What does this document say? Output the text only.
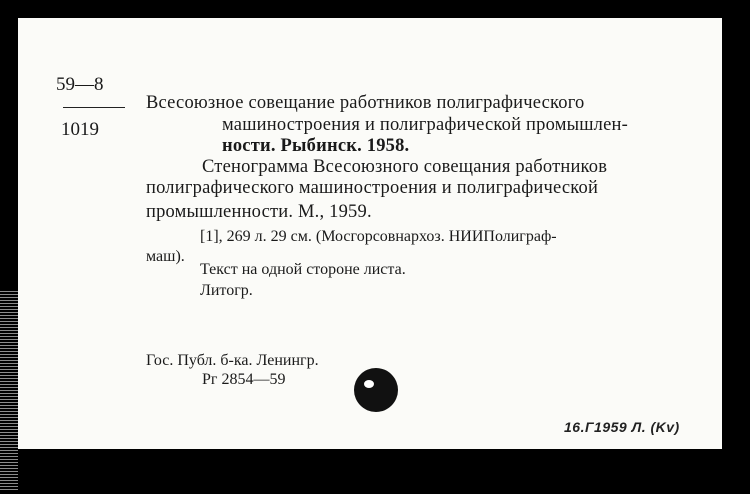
59—8
1019
Всесоюзное совещание работников полиграфического
машиностроения и полиграфической промышлен-
ности. Рыбинск. 1958.
Стенограмма Всесоюзного совещания работников
полиграфического машиностроения и полиграфической
промышленности. М., 1959.
[1], 269 л. 29 см. (Мосгорсовнархоз. НИИПолиграф-
маш).
Текст на одной стороне листа.
Литогр.
Гос. Публ. б-ка. Ленингр.
Рг 2854—59
16.Г1959 Л. (Kv)
